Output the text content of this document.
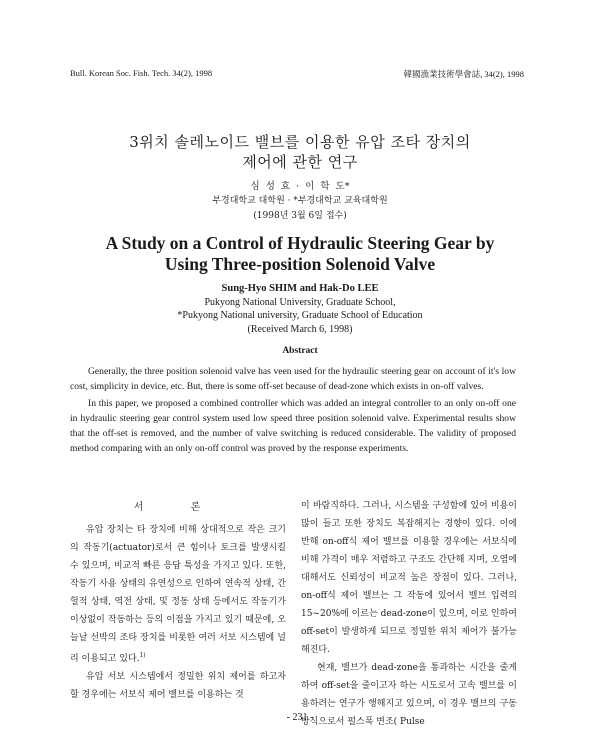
Bull. Korean Soc. Fish. Tech. 34(2), 1998	韓國漁業技術學會誌, 34(2), 1998
3위치 솔레노이드 밸브를 이용한 유압 조타 장치의
제어에 관한 연구
심 성 효 · 이 학 도*
부경대학교 대학원 · *부경대학교 교육대학원
(1998년 3월 6일 접수)
A Study on a Control of Hydraulic Steering Gear by
Using Three-position Solenoid Valve
Sung-Hyo SHIM and Hak-Do LEE
Pukyong National University, Graduate School,
*Pukyong National university, Graduate School of Education
(Received March 6, 1998)
Abstract

Generally, the three position solenoid valve has veen used for the hydraulic steering gear on account of it's low cost, simplicity in device, etc. But, there is some off-set because of dead-zone which exists in on-off valves.

In this paper, we proposed a combined controller which was added an integral controller to an only on-off one in hydraulic steering gear control system used low speed three position solenoid valve. Experimental results show that the off-set is removed, and the number of valve switching is reduced considerable. The validity of proposed method comparing with an only on-off control was proved by the response experiments.

서 론

유압 장치는 타 장치에 비해 상대적으로 작은 크기의 작동기(actuator)로서 큰 힘이나 토크를 발생시킬 수 있으며, 비교적 빠른 응답 특성을 가지고 있다. 또한, 작동기 사용 상태의 유연성으로 인하여 연속적 상태, 간헐적 상태, 역전 상태, 및 정동 상태 등에서도 작동기가 이상없이 작동하는 등의 이점을 가지고 있기 때문에, 오늘날 선박의 조타 장치를 비롯한 여러 서보 시스템에 널리 이용되고 있다.$^{1)}$

유압 서보 시스템에서 정밀한 위치 제어를 하고자 할 경우에는 서보식 제어 밸브를 이용하는 것

이 바람직하다. 그러나, 시스템을 구성함에 있어 비용이 많이 들고 또한 장치도 복잡해지는 경향이 있다. 이에 반해 on-off식 제어 밸브를 이용할 경우에는 서보식에 비해 가격이 매우 저렴하고 구조도 간단해 지며, 오염에 대해서도 신뢰성이 비교적 높은 장점이 있다. 그러나, on-off식 제어 밸브는 그 작동에 있어서 밸브 입력의 15~20%에 이르는 dead-zone이 있으며, 이로 인하여 off-set이 발생하게 되므로 정밀한 위치 제어가 불가능해진다.

현재, 밸브가 dead-zone을 통과하는 시간을 줄게 하여 off-set을 줄이고자 하는 시도로서 고속 밸브를 이용하려는 연구가 행해지고 있으며, 이 경우 밸브의 구동 방식으로서 펄스폭 변조( Pulse

- 231 -
